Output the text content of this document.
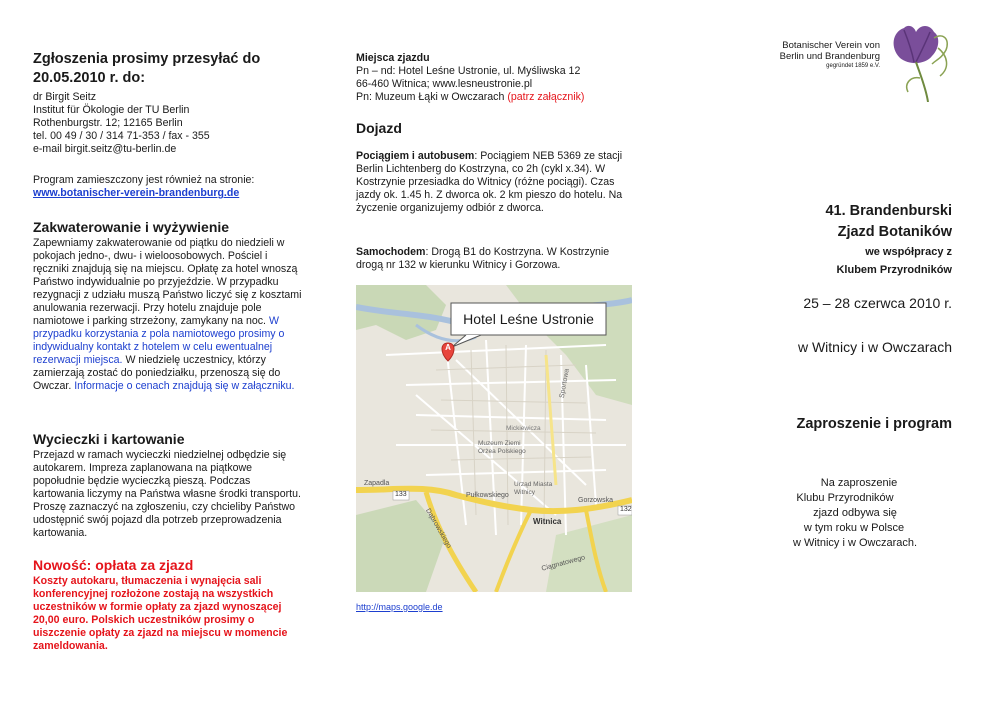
Zgłoszenia prosimy przesyłać do 20.05.2010 r. do:

dr Birgit Seitz

Institut für Ökologie der TU Berlin

Rothenburgstr. 12; 12165 Berlin

tel. 00 49 / 30 / 314 71-353 / fax - 355

e-mail birgit.seitz@tu-berlin.de

Program zamieszczony jest również na stronie:

www.botanischer-verein-brandenburg.de

Zakwaterowanie i wyżywienie

Zapewniamy zakwaterowanie od piątku do niedzieli w pokojach jedno-, dwu- i wieloosobowych. Pościel i ręczniki znajdują się na miejscu. Opłatę za hotel wnoszą Państwo indywidualnie po przyjeździe. W przypadku rezygnacji z udziału muszą Państwo liczyć się z kosztami anulowania rezerwacji. Przy hotelu znajduje pole namiotowe i parking strzeżony, zamykany na noc. W przypadku korzystania z pola namiotowego prosimy o indywidualny kontakt z hotelem w celu ewentualnej rezerwacji miejsca. W niedzielę uczestnicy, którzy zamierzają zostać do poniedziałku, przenoszą się do Owczar. Informacje o cenach znajdują się w załączniku.

Wycieczki i kartowanie

Przejazd w ramach wycieczki niedzielnej odbędzie się autokarem. Impreza zaplanowana na piątkowe popołudnie będzie wycieczką pieszą. Podczas kartowania liczymy na Państwa własne środki transportu. Proszę zaznaczyć na zgłoszeniu, czy chcieliby Państwo udostępnić swój pojazd dla potrzeb przeprowadzenia kartowania.

Nowość: opłata za zjazd

Koszty autokaru, tłumaczenia i wynajęcia sali konferencyjnej rozłożone zostają na wszystkich uczestników w formie opłaty za zjazd wynoszącej 20,00 euro. Polskich uczestników prosimy o uiszczenie opłaty za zjazd na miejscu w momencie zameldowania.

Miejsca zjazdu

Pn – nd: Hotel Leśne Ustronie, ul. Myśliwska 12

66-460 Witnica; www.lesneustronie.pl

Pn: Muzeum Łąki w Owczarach (patrz załącznik)

Dojazd

Pociągiem i autobusem: Pociągiem NEB 5369 ze stacji Berlin Lichtenberg do Kostrzyna, co 2h (cykl x.34). W Kostrzynie przesiadka do Witnicy (różne pociągi). Czas jazdy ok. 1.45 h. Z dworca ok. 2 km pieszo do hotelu. Na życzenie organizujemy odbiór z dworca.

Samochodem: Drogą B1 do Kostrzyna. W Kostrzynie drogą nr 132 w kierunku Witnicy i Gorzowa.

Hotel Leśne Ustronie
A
Witnica
Gorzowska
Muzeum Ziemi Orżea Polskiego
Urząd Miasta Witnicy
Sportowa
Pułkowskiego
132
133
Dąbrowskiego
Zapadla
Ciągnatowego
Mickiewicza
http://maps.google.de

Botanischer Verein von

Berlin und Brandenburg

gegründet 1859 e.V.

41. Brandenburski

Zjazd Botaników

we współpracy z

Klubem Przyrodników

25 – 28 czerwca 2010 r.

w Witnicy i w Owczarach

Zaproszenie i program

Na zaproszenie

Klubu Przyrodników

zjazd odbywa się

w tym roku w Polsce

w Witnicy i w Owczarach.
